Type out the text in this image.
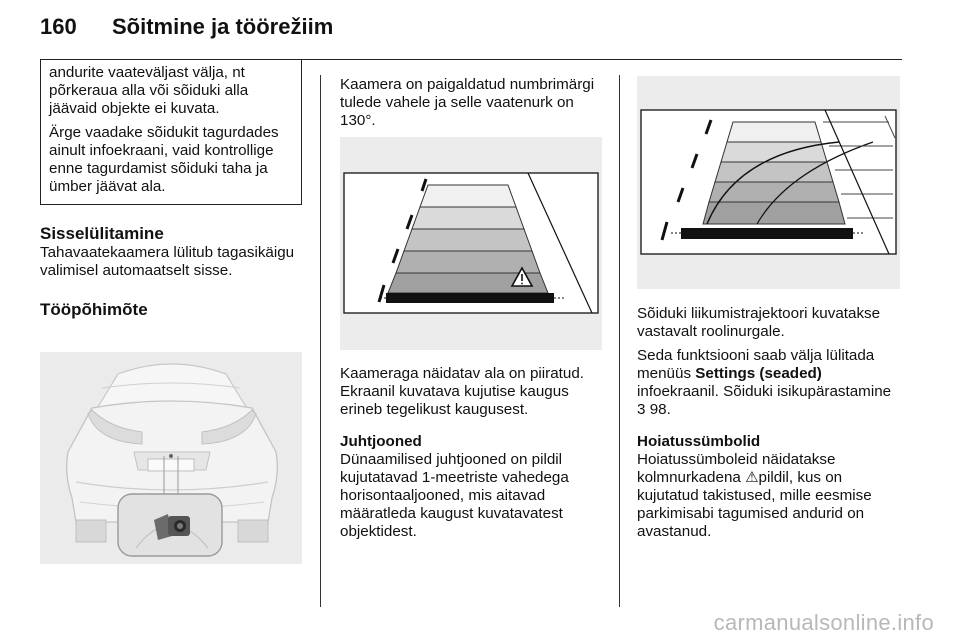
160 Sõitmine ja töörežiim

andurite vaateväljast välja, nt põrkeraua alla või sõiduki alla jäävaid objekte ei kuvata.

Ärge vaadake sõidukit tagurdades ainult infoekraani, vaid kontrollige enne tagurdamist sõiduki taha ja ümber jäävat ala.

Sisselülitamine

Tahavaatekaamera lülitub tagasikäigu valimisel automaatselt sisse.

Tööpõhimõte

Kaamera on paigaldatud numbrimärgi tulede vahele ja selle vaatenurk on 130°.

Kaameraga näidatav ala on piiratud. Ekraanil kuvatava kujutise kaugus erineb tegelikust kaugusest.

Juhtjooned

Dünaamilised juhtjooned on pildil kujutatavad 1-meetriste vahedega horisontaaljooned, mis aitavad määratleda kaugust kuvatavatest objektidest.

Sõiduki liikumistrajektoori kuvatakse vastavalt roolinurgale.

Seda funktsiooni saab välja lülitada menüüs Settings (seaded) infoekraanil. Sõiduki isikupärastamine 3 98.

Hoiatussümbolid

Hoiatussümboleid näidatakse kolmnurkadena ⚠pildil, kus on kujutatud takistused, mille eesmise parkimisabi tagumised andurid on avastanud.

carmanualsonline.info
